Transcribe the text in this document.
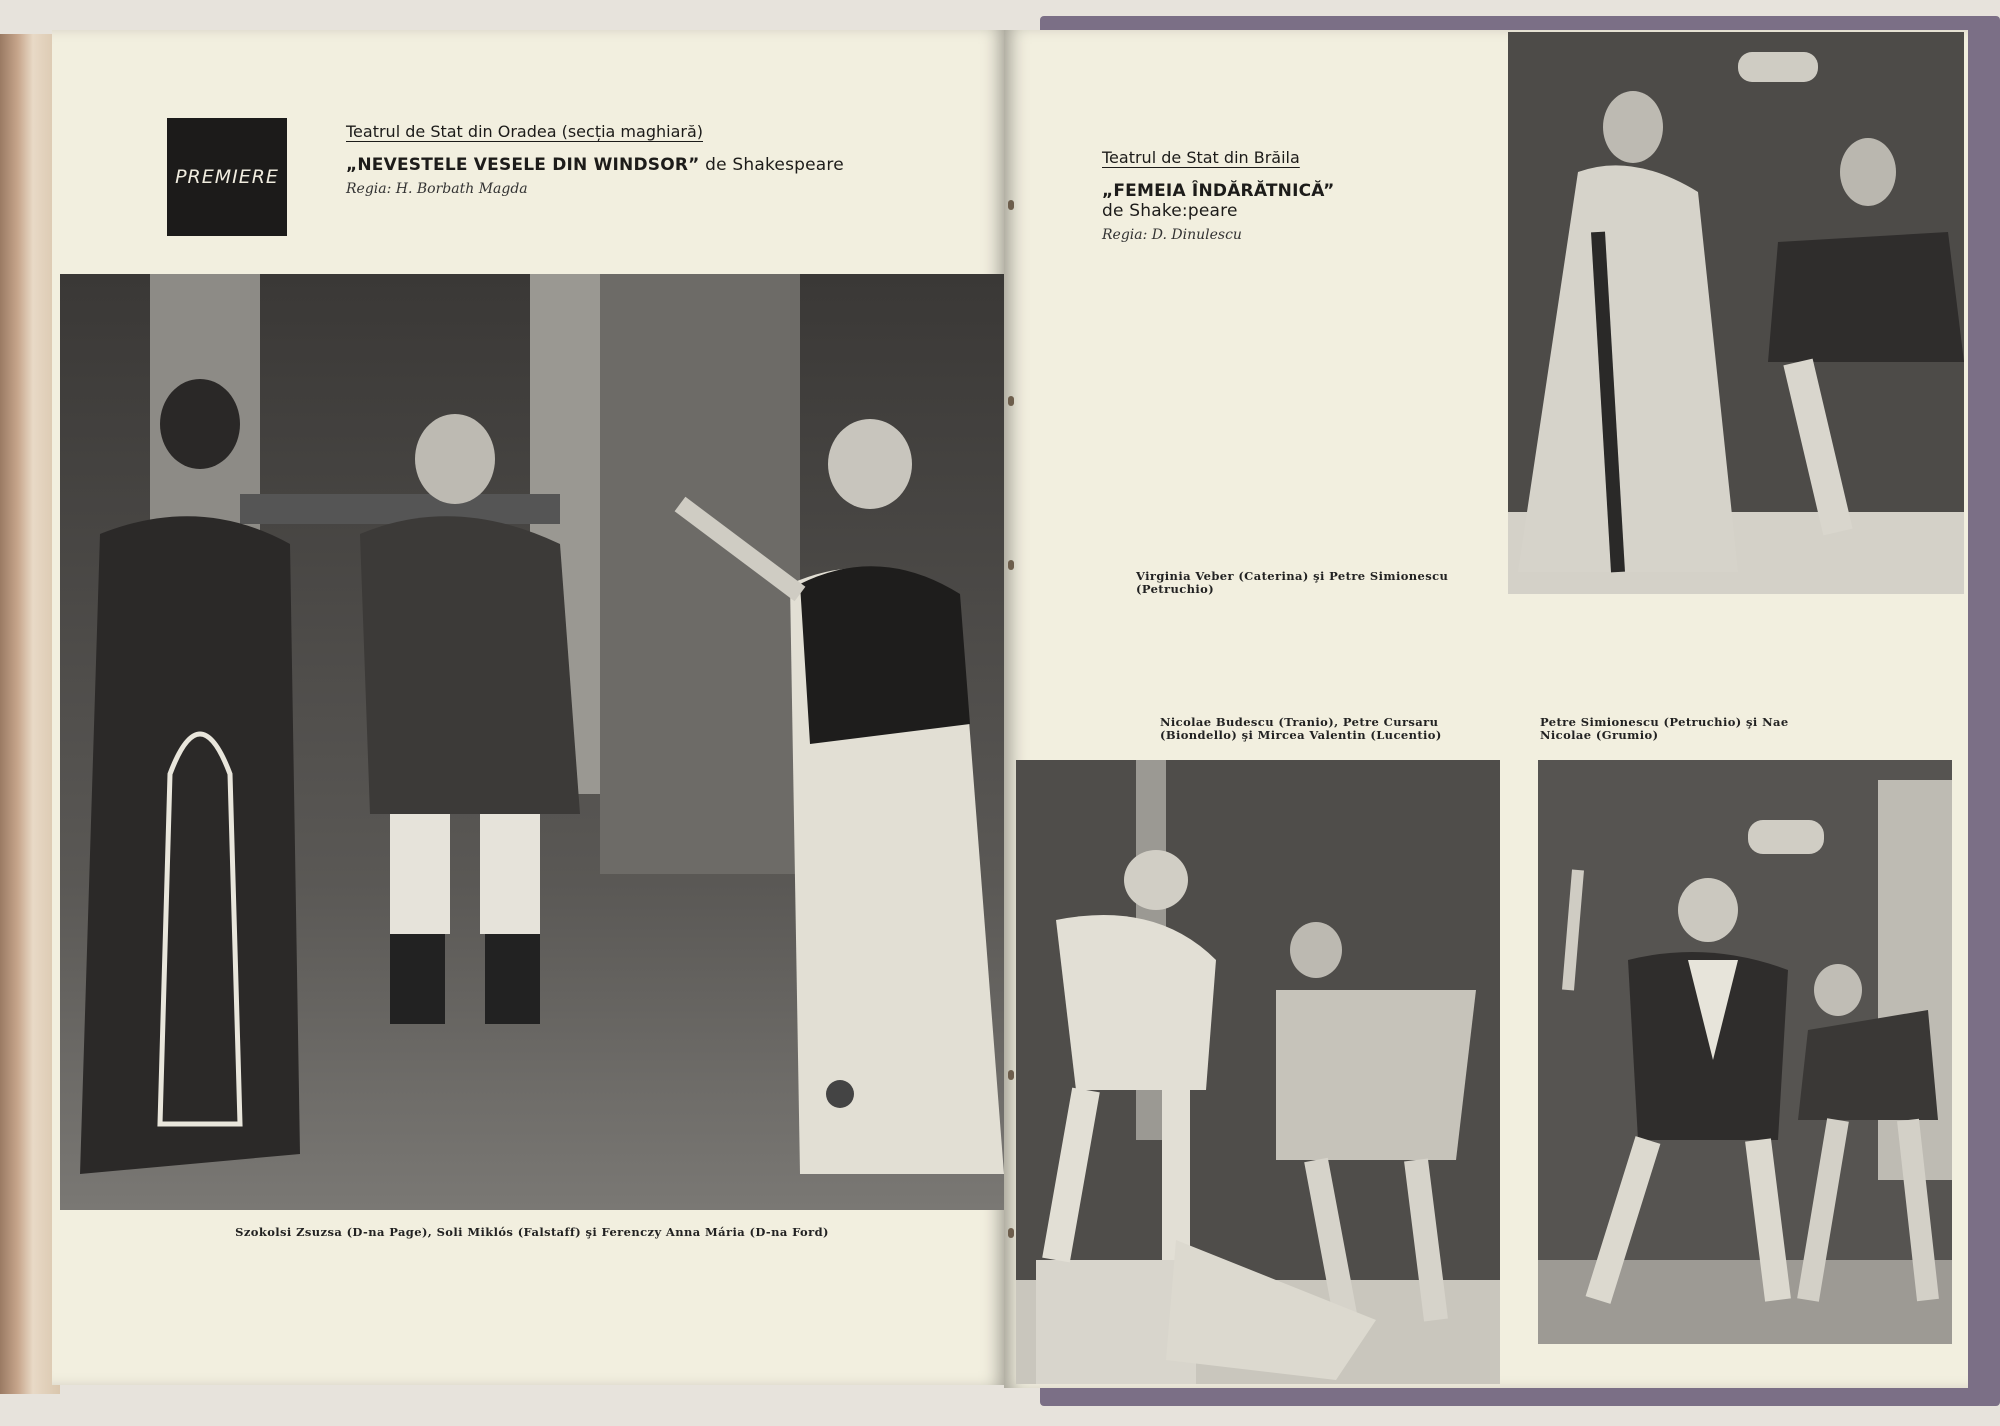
PREMIERE
Teatrul de Stat din Oradea (secția maghiară)
„NEVESTELE VESELE DIN WINDSOR” de Shakespeare
Regia: H. Borbath Magda
Szokolsi Zsuzsa (D-na Page), Soli Miklós (Falstaff) şi Ferenczy Anna Mária (D-na Ford)
Teatrul de Stat din Brăila
„FEMEIA ÎNDĂRĂTNICĂ”
de Shake:peare
Regia: D. Dinulescu
Virginia Veber (Caterina) şi Petre Simionescu (Petruchio)
Nicolae Budescu (Tranio), Petre Cursaru (Biondello) şi Mircea Valentin (Lucentio)
Petre Simionescu (Petruchio) şi Nae Nicolae (Grumio)
